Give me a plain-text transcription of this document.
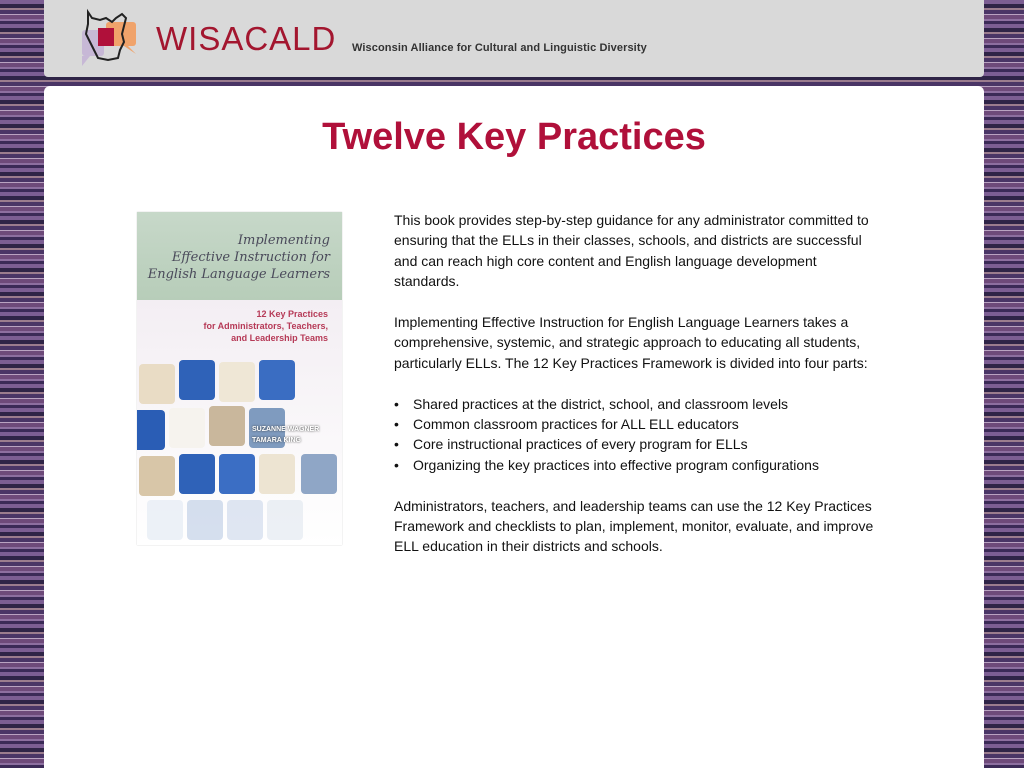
WISACALD Wisconsin Alliance for Cultural and Linguistic Diversity
Twelve Key Practices
Implementing
Effective Instruction for
English Language Learners
12 Key Practices
for Administrators, Teachers,
and Leadership Teams
SUZANNE WAGNER
TAMARA KING

This book provides step-by-step guidance for any administrator committed to ensuring that the ELLs in their classes, schools, and districts are successful and can reach high core content and English language development standards.

Implementing Effective Instruction for English Language Learners takes a comprehensive, systemic, and strategic approach to educating all students, particularly ELLs. The 12 Key Practices Framework is divided into four parts:

• Shared practices at the district, school, and classroom levels
• Common classroom practices for ALL ELL educators
• Core instructional practices of every program for ELLs
• Organizing the key practices into effective program configurations

Administrators, teachers, and leadership teams can use the 12 Key Practices Framework and checklists to plan, implement, monitor, evaluate, and improve ELL education in their districts and schools.
